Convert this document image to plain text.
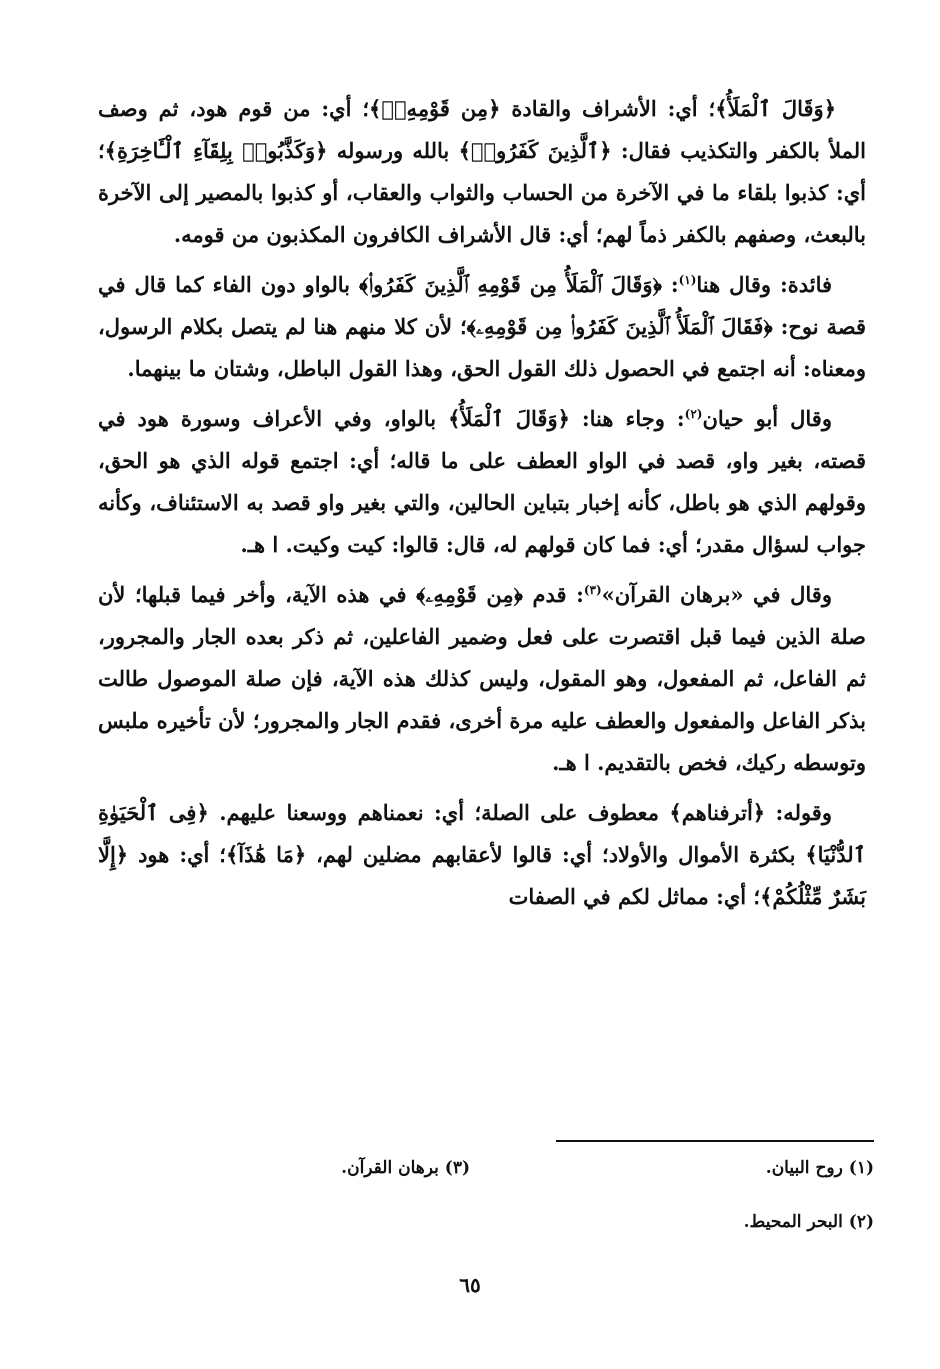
﴿وَقَالَ ٱلْمَلَأُ﴾؛ أي: الأشراف والقادة ﴿مِن قَوْمِهِۦٓ﴾؛ أي: من قوم هود، ثم وصف الملأ بالكفر والتكذيب فقال: ﴿ٱلَّذِينَ كَفَرُوا۟﴾ بالله ورسوله ﴿وَكَذَّبُوا۟ بِلِقَآءِ ٱلْـَٔاخِرَةِ﴾؛ أي: كذبوا بلقاء ما في الآخرة من الحساب والثواب والعقاب، أو كذبوا بالمصير إلى الآخرة بالبعث، وصفهم بالكفر ذماً لهم؛ أي: قال الأشراف الكافرون المكذبون من قومه.

فائدة: وقال هنا$^{(١)}$: ﴿وَقَالَ ٱلْمَلَأُ مِن قَوْمِهِ ٱلَّذِينَ كَفَرُوا۟﴾ بالواو دون الفاء كما قال في قصة نوح: ﴿فَقَالَ ٱلْمَلَأُ ٱلَّذِينَ كَفَرُوا۟ مِن قَوْمِهِۦ﴾؛ لأن كلا منهم هنا لم يتصل بكلام الرسول، ومعناه: أنه اجتمع في الحصول ذلك القول الحق، وهذا القول الباطل، وشتان ما بينهما.

وقال أبو حيان$^{(٢)}$: وجاء هنا: ﴿وَقَالَ ٱلْمَلَأُ﴾ بالواو، وفي الأعراف وسورة هود في قصته، بغير واو، قصد في الواو العطف على ما قاله؛ أي: اجتمع قوله الذي هو الحق، وقولهم الذي هو باطل، كأنه إخبار بتباين الحالين، والتي بغير واو قصد به الاستئناف، وكأنه جواب لسؤال مقدر؛ أي: فما كان قولهم له، قال: قالوا: كيت وكيت. ا هـ.

وقال في «برهان القرآن»$^{(٣)}$: قدم ﴿مِن قَوْمِهِۦ﴾ في هذه الآية، وأخر فيما قبلها؛ لأن صلة الذين فيما قبل اقتصرت على فعل وضمير الفاعلين، ثم ذكر بعده الجار والمجرور، ثم الفاعل، ثم المفعول، وهو المقول، وليس كذلك هذه الآية، فإن صلة الموصول طالت بذكر الفاعل والمفعول والعطف عليه مرة أخرى، فقدم الجار والمجرور؛ لأن تأخيره ملبس وتوسطه ركيك، فخص بالتقديم. ا هـ.

وقوله: ﴿أترفناهم﴾ معطوف على الصلة؛ أي: نعمناهم ووسعنا عليهم. ﴿فِى ٱلْحَيَوٰةِ ٱلدُّنْيَا﴾ بكثرة الأموال والأولاد؛ أي: قالوا لأعقابهم مضلين لهم، ﴿مَا هَٰذَآ﴾؛ أي: هود ﴿إِلَّا بَشَرٌ مِّثْلُكُمْ﴾؛ أي: مماثل لكم في الصفات

(١) روح البيان.
(٣) برهان القرآن.
(٢) البحر المحيط.
٦٥
